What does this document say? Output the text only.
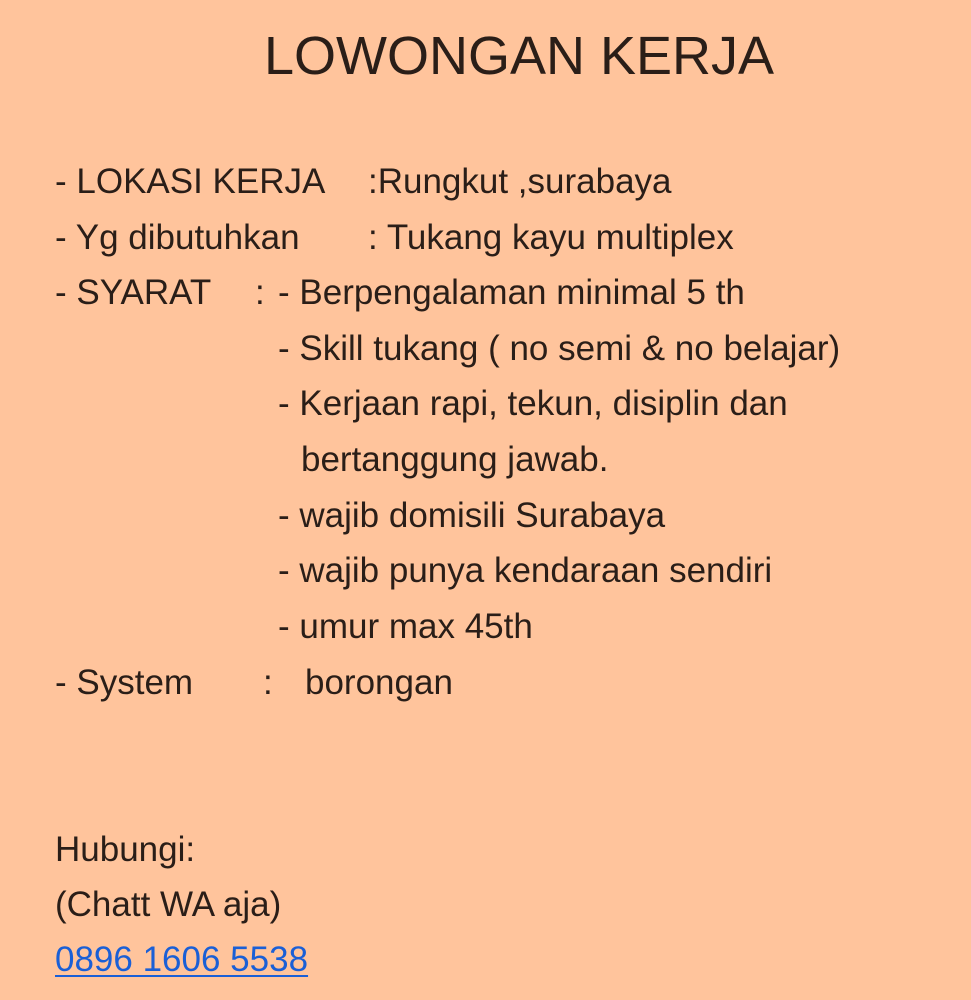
LOWONGAN KERJA
- LOKASI KERJA :Rungkut ,surabaya
- Yg dibutuhkan : Tukang kayu multiplex
- SYARAT : - Berpengalaman minimal 5 th
- Skill tukang ( no semi & no belajar)
- Kerjaan rapi, tekun, disiplin dan
bertanggung jawab.
- wajib domisili Surabaya
- wajib punya kendaraan sendiri
- umur max 45th
- System : borongan
Hubungi:
(Chatt WA aja)
0896 1606 5538
